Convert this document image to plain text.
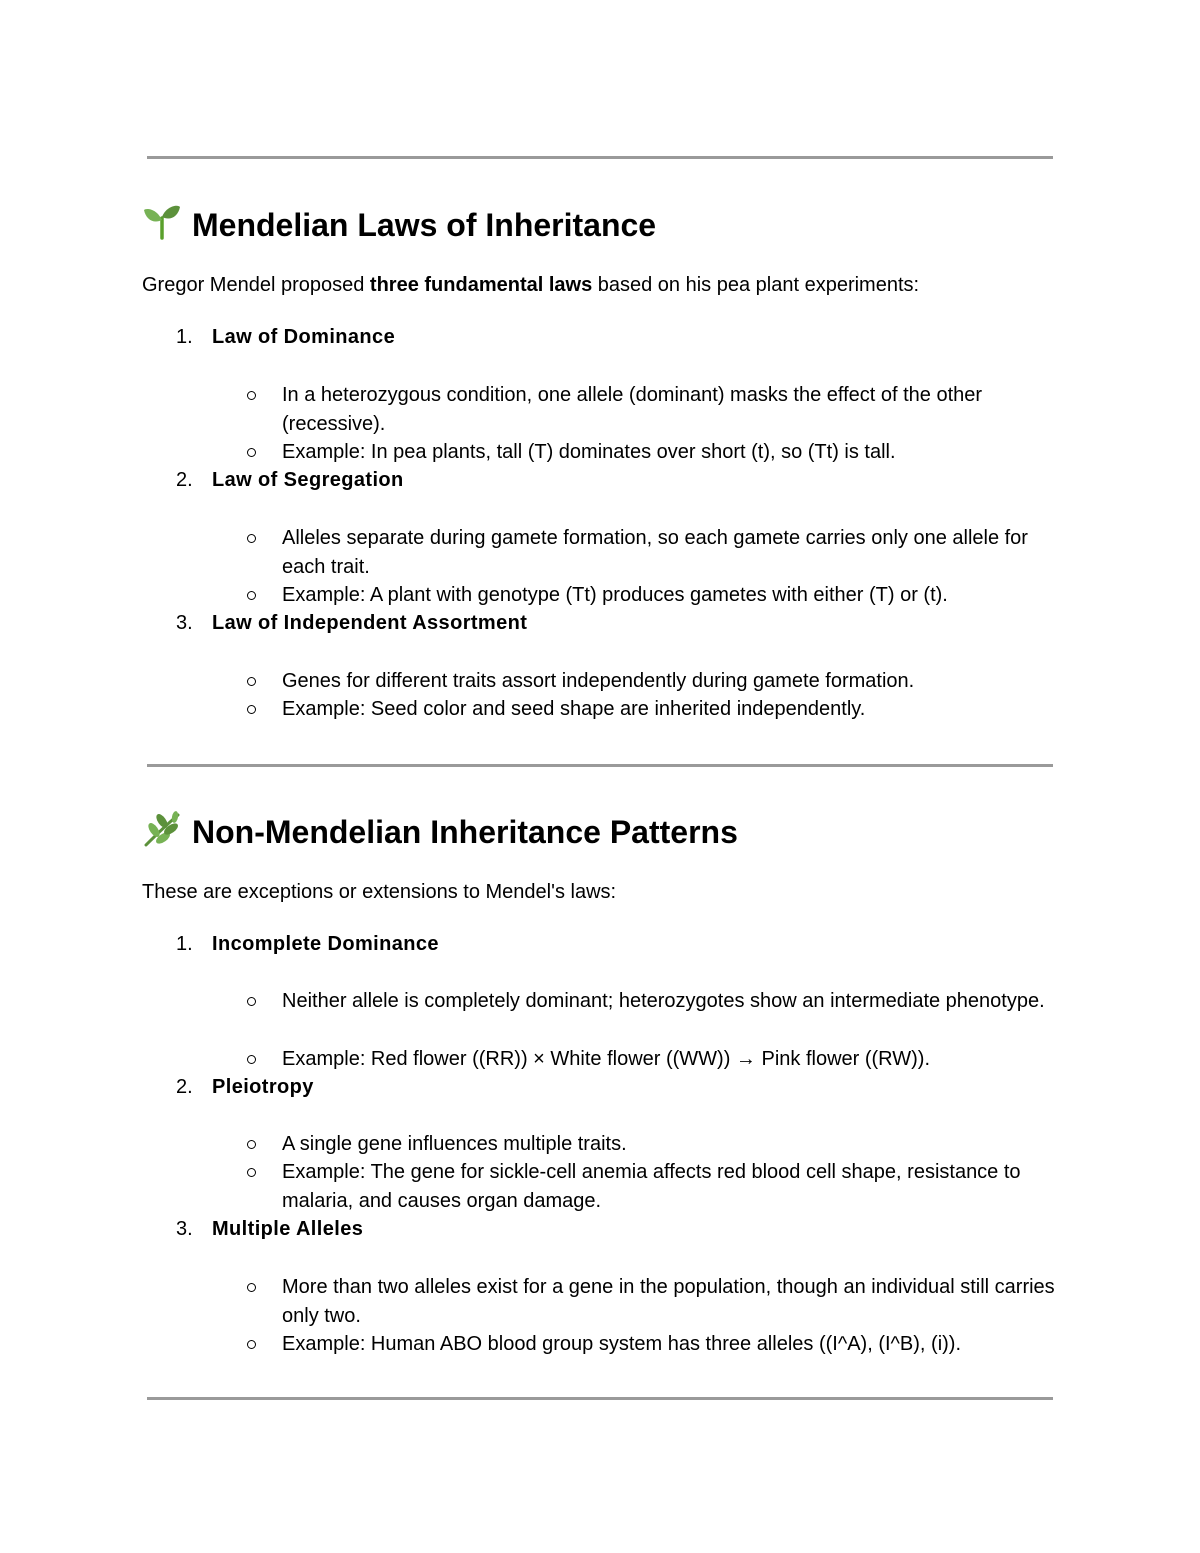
Mendelian Laws of Inheritance
Gregor Mendel proposed three fundamental laws based on his pea plant experiments:
1. Law of Dominance
In a heterozygous condition, one allele (dominant) masks the effect of the other (recessive).
Example: In pea plants, tall (T) dominates over short (t), so (Tt) is tall.
2. Law of Segregation
Alleles separate during gamete formation, so each gamete carries only one allele for each trait.
Example: A plant with genotype (Tt) produces gametes with either (T) or (t).
3. Law of Independent Assortment
Genes for different traits assort independently during gamete formation.
Example: Seed color and seed shape are inherited independently.
Non-Mendelian Inheritance Patterns
These are exceptions or extensions to Mendel's laws:
1. Incomplete Dominance
Neither allele is completely dominant; heterozygotes show an intermediate phenotype.
Example: Red flower ((RR)) × White flower ((WW)) → Pink flower ((RW)).
2. Pleiotropy
A single gene influences multiple traits.
Example: The gene for sickle-cell anemia affects red blood cell shape, resistance to malaria, and causes organ damage.
3. Multiple Alleles
More than two alleles exist for a gene in the population, though an individual still carries only two.
Example: Human ABO blood group system has three alleles ((I^A), (I^B), (i)).
